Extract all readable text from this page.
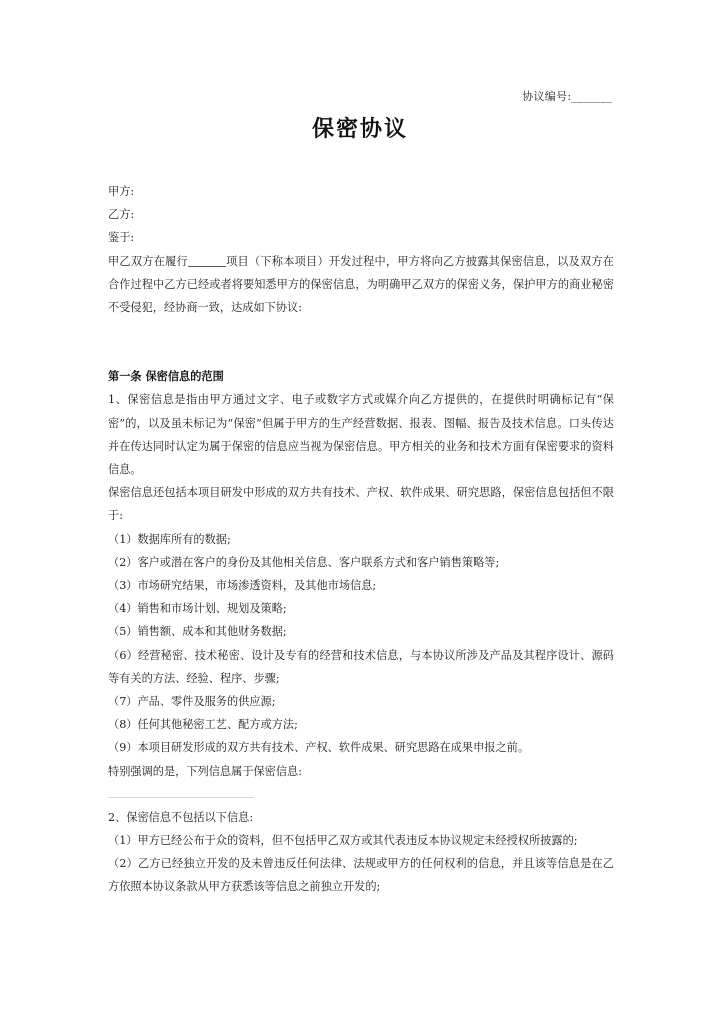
协议编号:_______
保密协议
甲方:
乙方:
鉴于:
甲乙双方在履行	项目（下称本项目）开发过程中，甲方将向乙方披露其保密信息，以及双方在合作过程中乙方已经或者将要知悉甲方的保密信息，为明确甲乙双方的保密义务，保护甲方的商业秘密不受侵犯，经协商一致，达成如下协议:
第一条 保密信息的范围
1、保密信息是指由甲方通过文字、电子或数字方式或媒介向乙方提供的，在提供时明确标记有“保密”的，以及虽未标记为“保密”但属于甲方的生产经营数据、报表、图幅、报告及技术信息。口头传达并在传达同时认定为属于保密的信息应当视为保密信息。甲方相关的业务和技术方面有保密要求的资料信息。
保密信息还包括本项目研发中形成的双方共有技术、产权、软件成果、研究思路，保密信息包括但不限于:
（1）数据库所有的数据;
（2）客户或潜在客户的身份及其他相关信息、客户联系方式和客户销售策略等;
（3）市场研究结果，市场渗透资料，及其他市场信息;
（4）销售和市场计划、规划及策略;
（5）销售额、成本和其他财务数据;
（6）经营秘密、技术秘密、设计及专有的经营和技术信息，与本协议所涉及产品及其程序设计、源码等有关的方法、经验、程序、步骤;
（7）产品、零件及服务的供应源;
（8）任何其他秘密工艺、配方或方法;
（9）本项目研发形成的双方共有技术、产权、软件成果、研究思路在成果申报之前。
特别强调的是，下列信息属于保密信息:
2、保密信息不包括以下信息:
（1）甲方已经公布于众的资料，但不包括甲乙双方或其代表违反本协议规定未经授权所披露的;
（2）乙方已经独立开发的及未曾违反任何法律、法规或甲方的任何权利的信息，并且该等信息是在乙方依照本协议条款从甲方获悉该等信息之前独立开发的;
